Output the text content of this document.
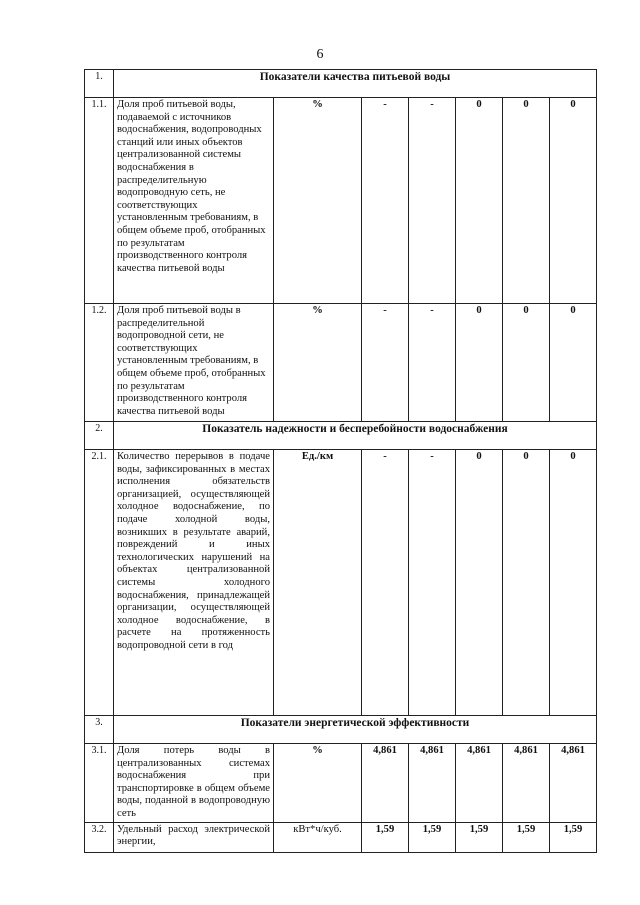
6
1.	Показатели качества питьевой воды						
1.1.	Доля проб питьевой воды, подаваемой с источников водоснабжения, водопроводных станций или иных объектов централизованной системы водоснабжения в распределительную водопроводную сеть, не соответствующих установленным требованиям, в общем объеме проб, отобранных по результатам производственного контроля качества питьевой воды	%	-	-	0	0	0
1.2.	Доля проб питьевой воды в распределительной водопроводной сети, не соответствующих установленным требованиям, в общем объеме проб, отобранных по результатам производственного контроля качества питьевой воды	%	-	-	0	0	0
2.	Показатель надежности и бесперебойности водоснабжения						
2.1.	Количество перерывов в подаче воды, зафиксированных в местах исполнения обязательств организацией, осуществляющей холодное водоснабжение, по подаче холодной воды, возникших в результате аварий, повреждений и иных технологических нарушений на объектах централизованной системы холодного водоснабжения, принадлежащей организации, осуществляющей холодное водоснабжение, в расчете на протяженность водопроводной сети в год	Ед./км	-	-	0	0	0
3.	Показатели энергетической эффективности						
3.1.	Доля потерь воды в централизованных системах водоснабжения при транспортировке в общем объеме воды, поданной в водопроводную сеть	%	4,861	4,861	4,861	4,861	4,861
3.2.	Удельный расход электрической энергии,	кВт*ч/куб.	1,59	1,59	1,59	1,59	1,59
